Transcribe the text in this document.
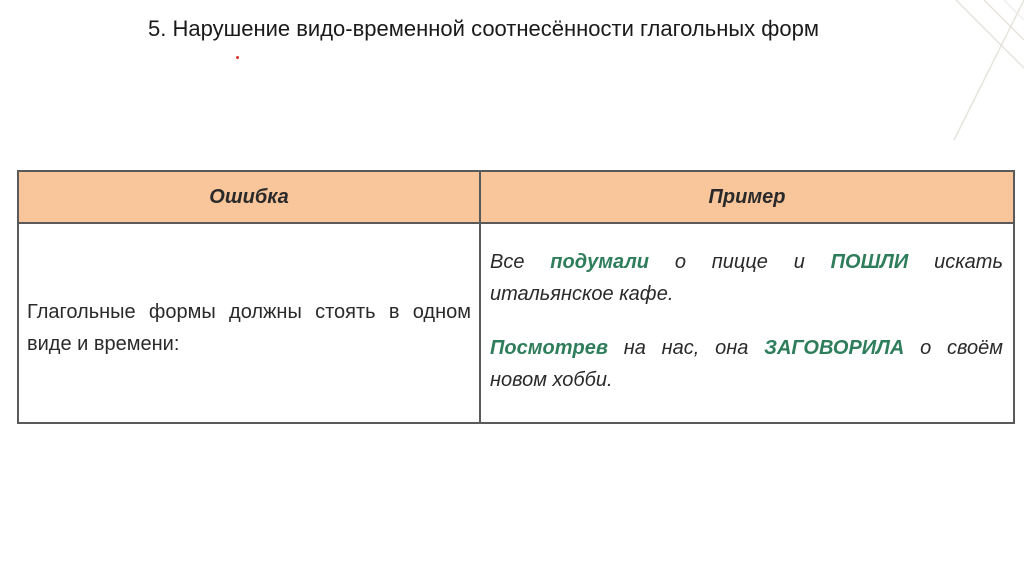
5. Нарушение видо-временной соотнесённости глагольных форм
Ошибка	Пример

Глагольные формы должны стоять в одном виде и времени:	Все подумали о пицце и ПОШЛИ искать итальянское кафе.

Посмотрев на нас, она ЗАГОВОРИЛА о своём новом хобби.
